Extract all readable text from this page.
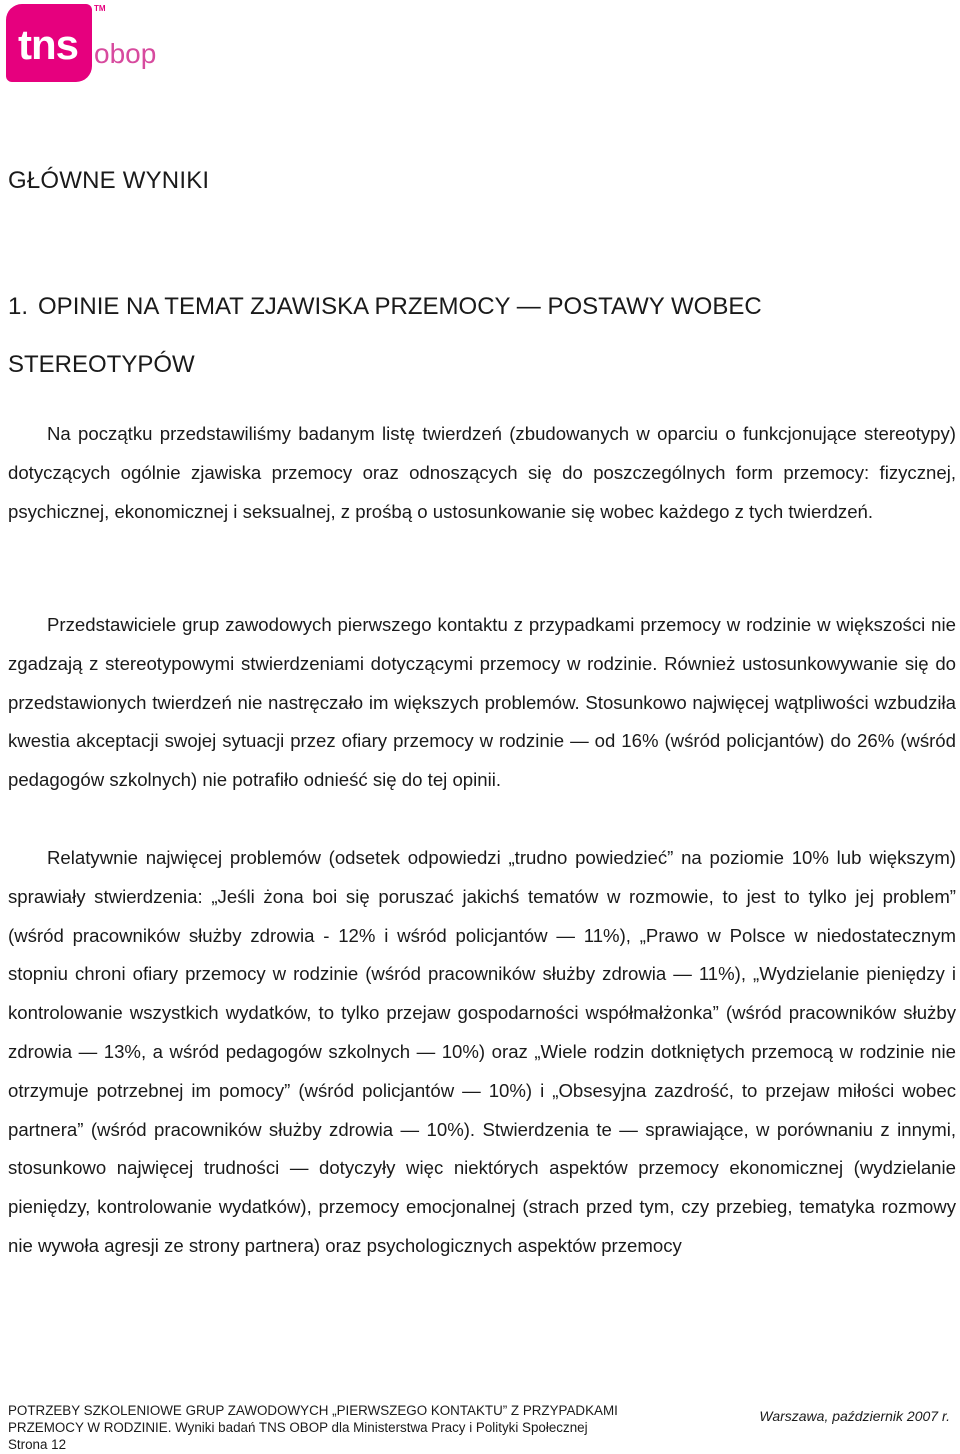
tns
TM
obop
GŁÓWNE WYNIKI
1. OPINIE NA TEMAT ZJAWISKA PRZEMOCY — POSTAWY WOBEC STEREOTYPÓW

Na początku przedstawiliśmy badanym listę twierdzeń (zbudowanych w oparciu o funkcjonujące stereotypy) dotyczących ogólnie zjawiska przemocy oraz odnoszących się do poszczególnych form przemocy: fizycznej, psychicznej, ekonomicznej i seksualnej, z prośbą o ustosunkowanie się wobec każdego z tych twierdzeń.

Przedstawiciele grup zawodowych pierwszego kontaktu z przypadkami przemocy w rodzinie w większości nie zgadzają z stereotypowymi stwierdzeniami dotyczącymi przemocy w rodzinie. Również ustosunkowywanie się do przedstawionych twierdzeń nie nastręczało im większych problemów. Stosunkowo najwięcej wątpliwości wzbudziła kwestia akceptacji swojej sytuacji przez ofiary przemocy w rodzinie — od 16% (wśród policjantów) do 26% (wśród pedagogów szkolnych) nie potrafiło odnieść się do tej opinii.

Relatywnie najwięcej problemów (odsetek odpowiedzi „trudno powiedzieć” na poziomie 10% lub większym) sprawiały stwierdzenia: „Jeśli żona boi się poruszać jakichś tematów w rozmowie, to jest to tylko jej problem” (wśród pracowników służby zdrowia - 12% i wśród policjantów — 11%), „Prawo w Polsce w niedostatecznym stopniu chroni ofiary przemocy w rodzinie (wśród pracowników służby zdrowia — 11%), „Wydzielanie pieniędzy i kontrolowanie wszystkich wydatków, to tylko przejaw gospodarności współmałżonka” (wśród pracowników służby zdrowia — 13%, a wśród pedagogów szkolnych — 10%) oraz „Wiele rodzin dotkniętych przemocą w rodzinie nie otrzymuje potrzebnej im pomocy” (wśród policjantów — 10%) i „Obsesyjna zazdrość, to przejaw miłości wobec partnera” (wśród pracowników służby zdrowia — 10%). Stwierdzenia te — sprawiające, w porównaniu z innymi, stosunkowo najwięcej trudności — dotyczyły więc niektórych aspektów przemocy ekonomicznej (wydzielanie pieniędzy, kontrolowanie wydatków), przemocy emocjonalnej (strach przed tym, czy przebieg, tematyka rozmowy nie wywoła agresji ze strony partnera) oraz psychologicznych aspektów przemocy

POTRZEBY SZKOLENIOWE GRUP ZAWODOWYCH „PIERWSZEGO KONTAKTU” Z PRZYPADKAMI
PRZEMOCY W RODZINIE. Wyniki badań TNS OBOP dla Ministerstwa Pracy i Polityki Społecznej
Strona 12
Warszawa, październik 2007 r.
